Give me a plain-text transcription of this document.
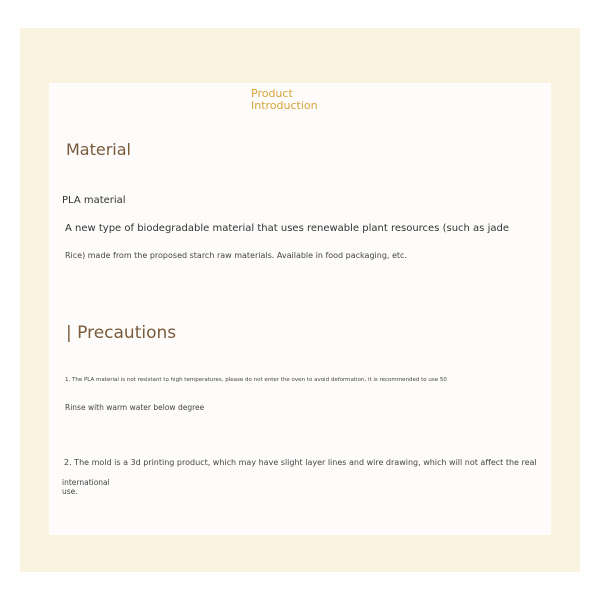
Product
Introduction
Material
PLA material
A new type of biodegradable material that uses renewable plant resources (such as jade
Rice) made from the proposed starch raw materials. Available in food packaging, etc.
| Precautions
1. The PLA material is not resistant to high temperatures, please do not enter the oven to avoid deformation, it is recommended to use 50
Rinse with warm water below degree
2. The mold is a 3d printing product, which may have slight layer lines and wire drawing, which will not affect the real
international
use.
